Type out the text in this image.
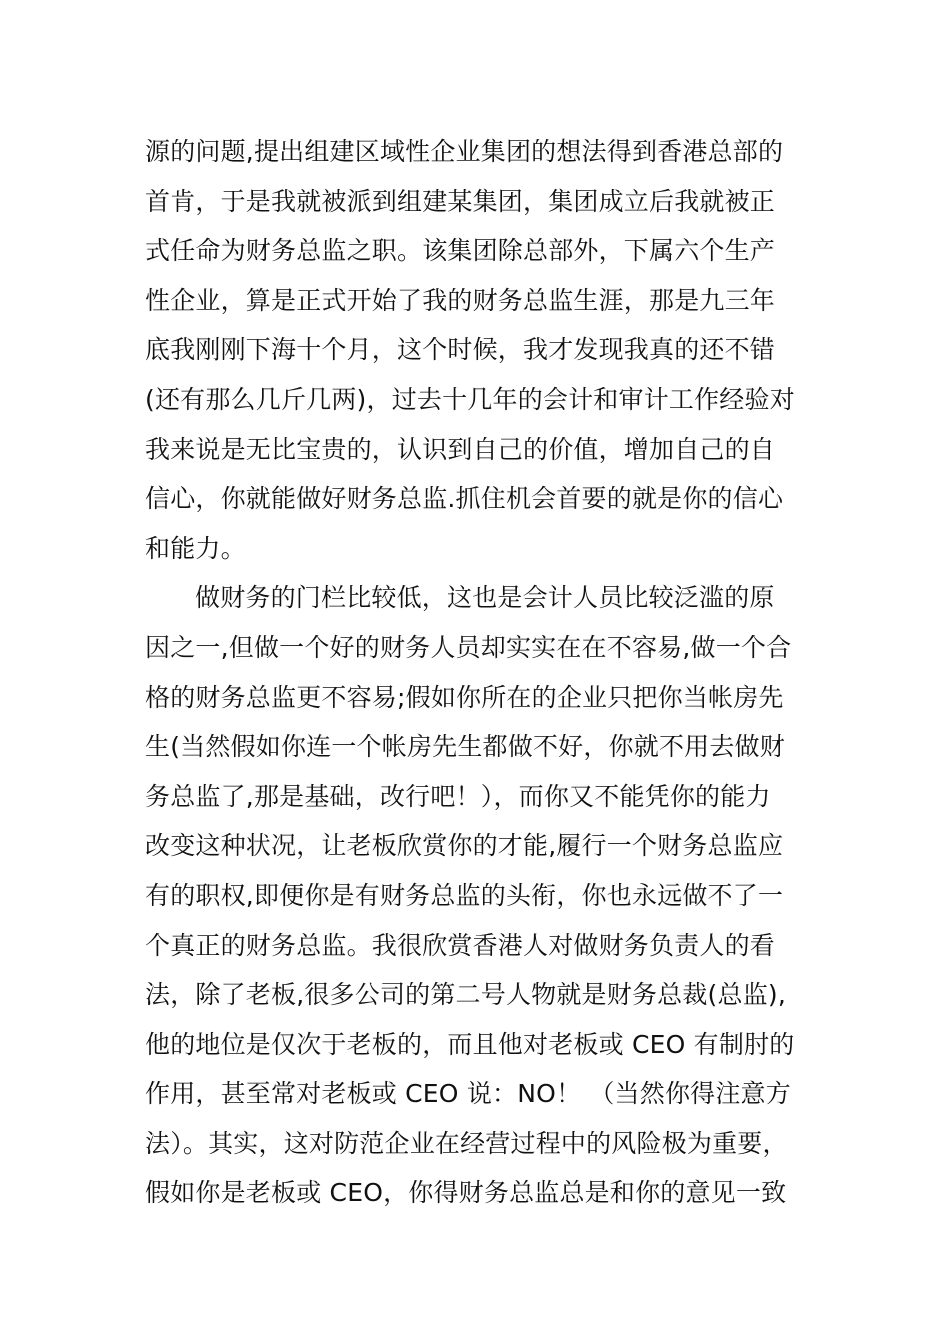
源的问题,提出组建区域性企业集团的想法得到香港总部的
首肯，于是我就被派到组建某集团，集团成立后我就被正
式任命为财务总监之职。该集团除总部外，下属六个生产
性企业，算是正式开始了我的财务总监生涯，那是九三年
底我刚刚下海十个月，这个时候，我才发现我真的还不错
(还有那么几斤几两)，过去十几年的会计和审计工作经验对
我来说是无比宝贵的，认识到自己的价值，增加自己的自
信心，你就能做好财务总监.抓住机会首要的就是你的信心
和能力。
做财务的门栏比较低，这也是会计人员比较泛滥的原
因之一,但做一个好的财务人员却实实在在不容易,做一个合
格的财务总监更不容易;假如你所在的企业只把你当帐房先
生(当然假如你连一个帐房先生都做不好，你就不用去做财
务总监了,那是基础，改行吧！），而你又不能凭你的能力
改变这种状况，让老板欣赏你的才能,履行一个财务总监应
有的职权,即便你是有财务总监的头衔，你也永远做不了一
个真正的财务总监。我很欣赏香港人对做财务负责人的看
法，除了老板,很多公司的第二号人物就是财务总裁(总监),
他的地位是仅次于老板的，而且他对老板或 CEO 有制肘的
作用，甚至常对老板或 CEO 说：NO！ （当然你得注意方
法）。其实，这对防范企业在经营过程中的风险极为重要，
假如你是老板或 CEO，你得财务总监总是和你的意见一致
